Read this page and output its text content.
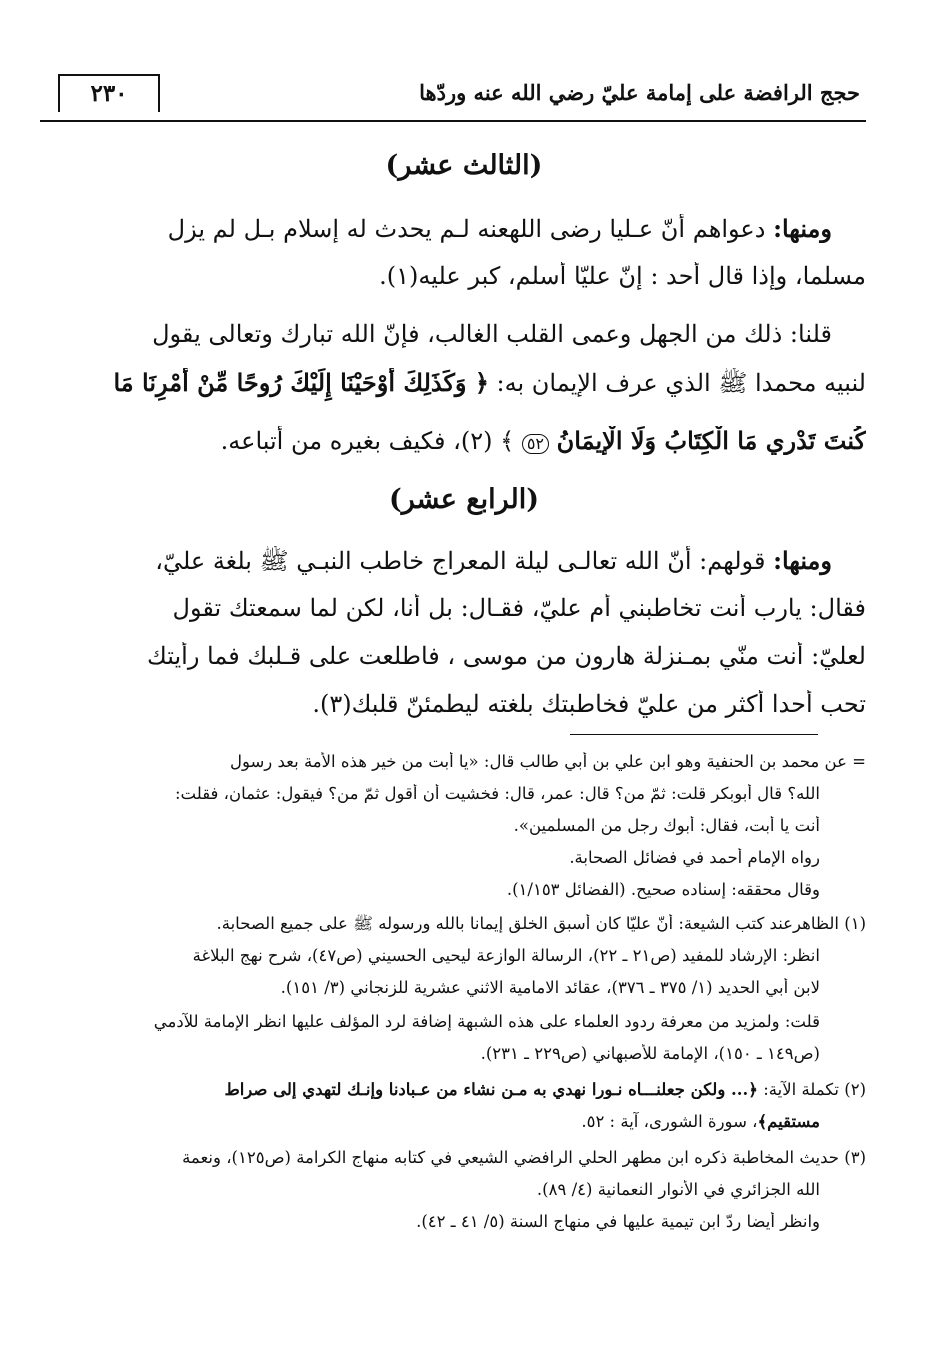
٢٣٠	حجج الرافضة على إمامة عليّ رضي الله عنه وردّها
(الثالث عشر)
ومنها: دعواهم أنّ عـليا رضى اللهعنه لـم يحدث له إسلام بـل لم يزل
مسلما، وإذا قال أحد : إنّ عليّا أسلم، كبر عليه(١).
قلنا: ذلك من الجهل وعمى القلب الغالب، فإنّ الله تبارك وتعالى يقول
لنبيه محمدا ﷺ الذي عرف الإيمان به: ﴿ وَكَذَلِكَ أَوْحَيْنَا إِلَيْكَ رُوحًا مِّنْ أَمْرِنَا مَا
كُنتَ تَدْرِي مَا الْكِتَابُ وَلَا الْإِيمَانُ ٥٢ ﴾ (٢)، فكيف بغيره من أتباعه.
(الرابع عشر)
ومنها: قولهم: أنّ الله تعالـى ليلة المعراج خاطب النبـي ﷺ بلغة عليّ،
فقال: يارب أنت تخاطبني أم عليّ، فقـال: بل أنا، لكن لما سمعتك تقول
لعليّ: أنت منّي بمـنزلة هارون من موسى ، فاطلعت على قـلبك فما رأيتك
تحب أحدا أكثر من عليّ فخاطبتك بلغته ليطمئنّ قلبك(٣).
= عن محمد بن الحنفية وهو ابن علي بن أبي طالب قال: «يا أبت من خير هذه الأمة بعد رسول
الله؟ قال أبوبكر قلت: ثمّ من؟ قال: عمر، قال: فخشيت أن أقول ثمّ من؟ فيقول: عثمان، فقلت:
أنت يا أبت، فقال: أبوك رجل من المسلمين».
رواه الإمام أحمد في فضائل الصحابة.
وقال محققه: إسناده صحيح. (الفضائل ١/١٥٣).
(١) الظاهرعند كتب الشيعة: أنّ عليّا كان أسبق الخلق إيمانا بالله ورسوله ﷺ على جميع الصحابة.
انظر: الإرشاد للمفيد (ص٢١ ـ ٢٢)، الرسالة الوازعة ليحيى الحسيني (ص٤٧)، شرح نهج البلاغة
لابن أبي الحديد (١/ ٣٧٥ ـ ٣٧٦)، عقائد الامامية الاثني عشرية للزنجاني (٣/ ١٥١).
قلت: ولمزيد من معرفة ردود العلماء على هذه الشبهة إضافة لرد المؤلف عليها انظر الإمامة للآدمي
(ص١٤٩ ـ ١٥٠)، الإمامة للأصبهاني (ص٢٢٩ ـ ٢٣١).
(٢) تكملة الآية: ﴿... ولكن جعلنـــاه نـورا نهدي به مـن نشاء من عـبادنا وإنـك لتهدي إلى صراط
مستقيم﴾، سورة الشورى، آية : ٥٢.
(٣) حديث المخاطبة ذكره ابن مطهر الحلي الرافضي الشيعي في كتابه منهاج الكرامة (ص١٢٥)، ونعمة
الله الجزائري في الأنوار النعمانية (٤/ ٨٩).
وانظر أيضا ردّ ابن تيمية عليها في منهاج السنة (٥/ ٤١ ـ ٤٢).
